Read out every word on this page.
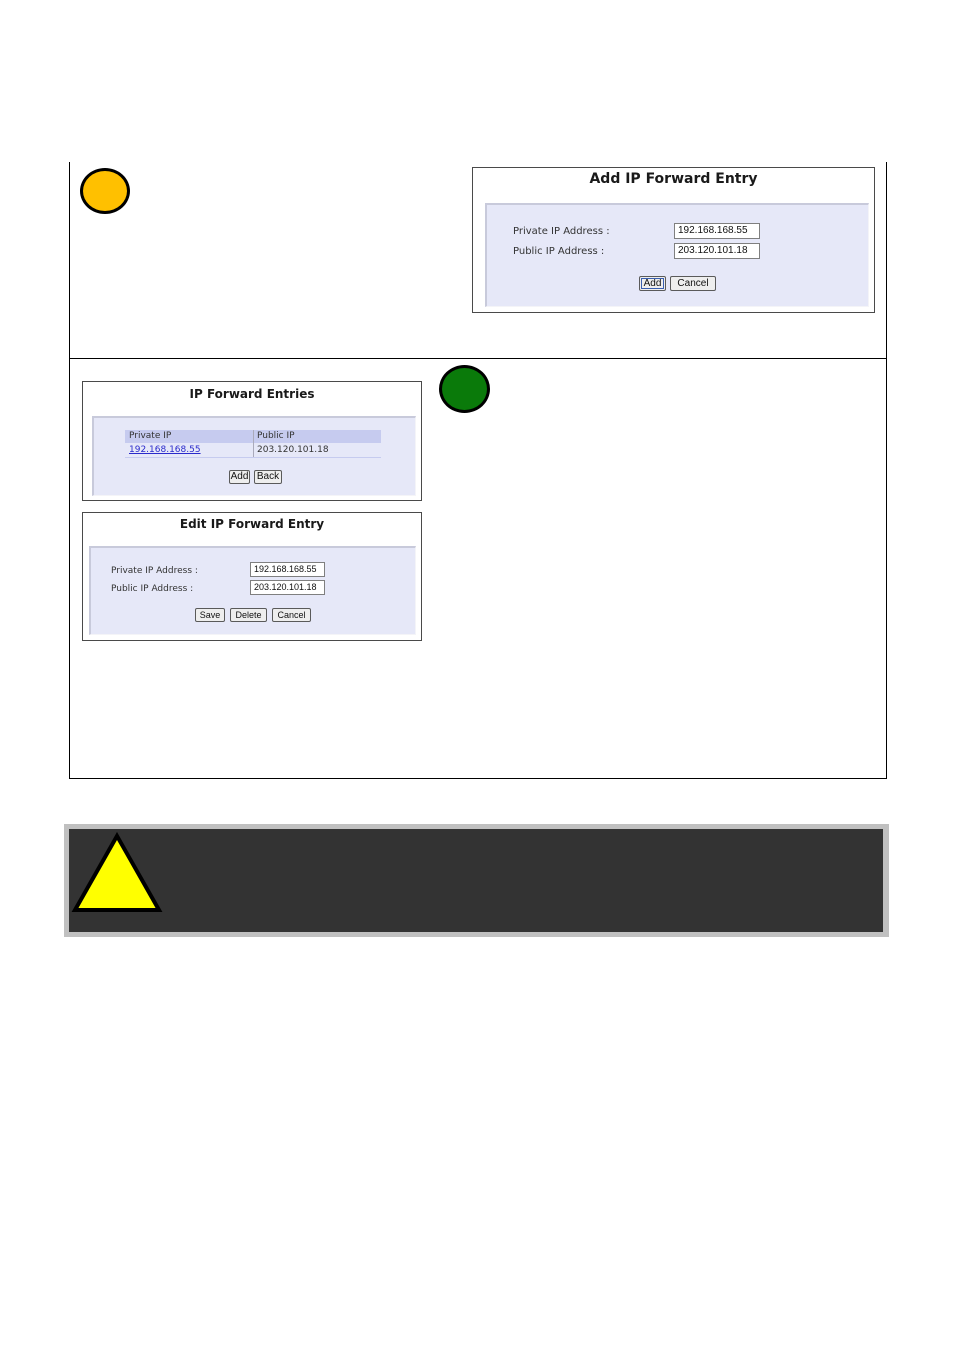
Add IP Forward Entry
Private IP Address :	192.168.168.55
Public IP Address :	203.120.101.18
Add	Cancel
IP Forward Entries
Private IP	Public IP
192.168.168.55	203.120.101.18
Add Back
Edit IP Forward Entry
Private IP Address :	192.168.168.55
Public IP Address :	203.120.101.18
Save	Delete	Cancel
